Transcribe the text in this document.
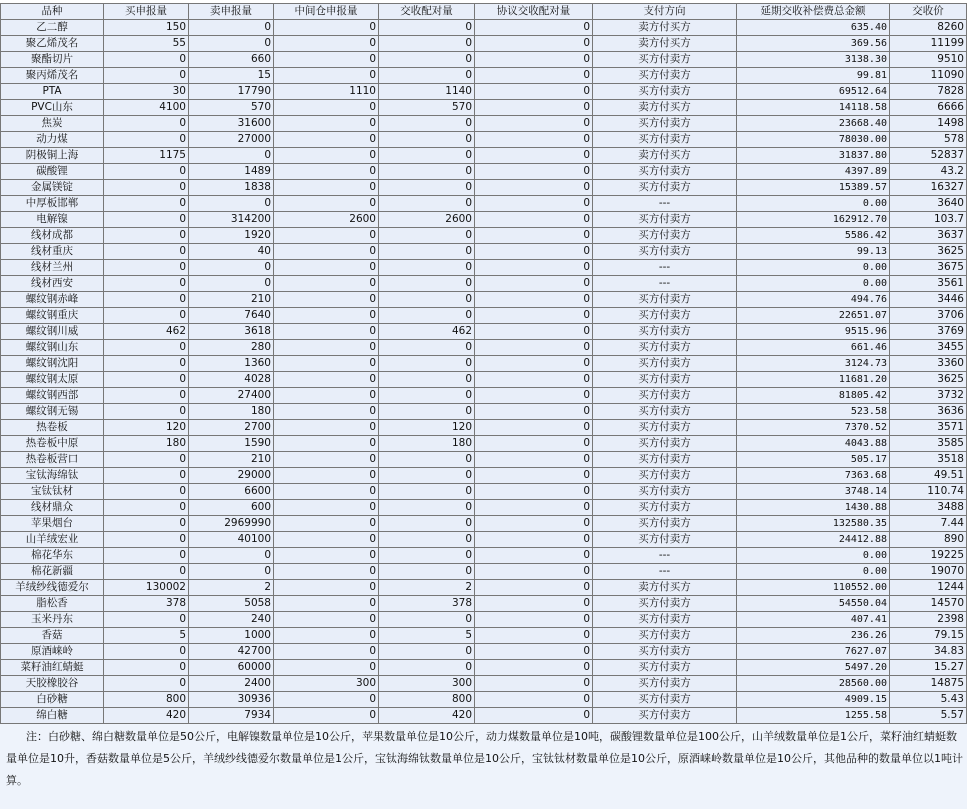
品种	买申报量	卖申报量	中间仓申报量	交收配对量	协议交收配对量	支付方向	延期交收补偿费总金额	交收价
乙二醇	150	0	0	0	0	卖方付买方	635.40	8260
聚乙烯茂名	55	0	0	0	0	卖方付买方	369.56	11199
聚酯切片	0	660	0	0	0	买方付卖方	3138.30	9510
聚丙烯茂名	0	15	0	0	0	买方付卖方	99.81	11090
PTA	30	17790	1110	1140	0	买方付卖方	69512.64	7828
PVC山东	4100	570	0	570	0	卖方付买方	14118.58	6666
焦炭	0	31600	0	0	0	买方付卖方	23668.40	1498
动力煤	0	27000	0	0	0	买方付卖方	78030.00	578
阴极铜上海	1175	0	0	0	0	卖方付买方	31837.80	52837
碳酸锂	0	1489	0	0	0	买方付卖方	4397.89	43.2
金属镁锭	0	1838	0	0	0	买方付卖方	15389.57	16327
中厚板邯郸	0	0	0	0	0	---	0.00	3640
电解镍	0	314200	2600	2600	0	买方付卖方	162912.70	103.7
线材成都	0	1920	0	0	0	买方付卖方	5586.42	3637
线材重庆	0	40	0	0	0	买方付卖方	99.13	3625
线材兰州	0	0	0	0	0	---	0.00	3675
线材西安	0	0	0	0	0	---	0.00	3561
螺纹钢赤峰	0	210	0	0	0	买方付卖方	494.76	3446
螺纹钢重庆	0	7640	0	0	0	买方付卖方	22651.07	3706
螺纹钢川威	462	3618	0	462	0	买方付卖方	9515.96	3769
螺纹钢山东	0	280	0	0	0	买方付卖方	661.46	3455
螺纹钢沈阳	0	1360	0	0	0	买方付卖方	3124.73	3360
螺纹钢太原	0	4028	0	0	0	买方付卖方	11681.20	3625
螺纹钢西部	0	27400	0	0	0	买方付卖方	81805.42	3732
螺纹钢无锡	0	180	0	0	0	买方付卖方	523.58	3636
热卷板	120	2700	0	120	0	买方付卖方	7370.52	3571
热卷板中原	180	1590	0	180	0	买方付卖方	4043.88	3585
热卷板营口	0	210	0	0	0	买方付卖方	505.17	3518
宝钛海绵钛	0	29000	0	0	0	买方付卖方	7363.68	49.51
宝钛钛材	0	6600	0	0	0	买方付卖方	3748.14	110.74
线材鼎众	0	600	0	0	0	买方付卖方	1430.88	3488
苹果烟台	0	2969990	0	0	0	买方付卖方	132580.35	7.44
山羊绒宏业	0	40100	0	0	0	买方付卖方	24412.88	890
棉花华东	0	0	0	0	0	---	0.00	19225
棉花新疆	0	0	0	0	0	---	0.00	19070
羊绒纱线德爱尔	130002	2	0	2	0	卖方付买方	110552.00	1244
脂松香	378	5058	0	378	0	买方付卖方	54550.04	14570
玉米丹东	0	240	0	0	0	买方付卖方	407.41	2398
香菇	5	1000	0	5	0	买方付卖方	236.26	79.15
原酒崃岭	0	42700	0	0	0	买方付卖方	7627.07	34.83
菜籽油红蜻蜓	0	60000	0	0	0	买方付卖方	5497.20	15.27
天胶橡胶谷	0	2400	300	300	0	买方付卖方	28560.00	14875
白砂糖	800	30936	0	800	0	买方付卖方	4909.15	5.43
绵白糖	420	7934	0	420	0	买方付卖方	1255.58	5.57

注：白砂糖、绵白糖数量单位是50公斤，电解镍数量单位是10公斤，苹果数量单位是10公斤，动力煤数量单位是10吨，碳酸锂数量单位是100公斤，山羊绒数量单位是1公斤，菜籽油红蜻蜓数量单位是10升，香菇数量单位是5公斤，羊绒纱线德爱尔数量单位是1公斤，宝钛海绵钛数量单位是10公斤，宝钛钛材数量单位是10公斤，原酒崃岭数量单位是10公斤，其他品种的数量单位以1吨计算。
